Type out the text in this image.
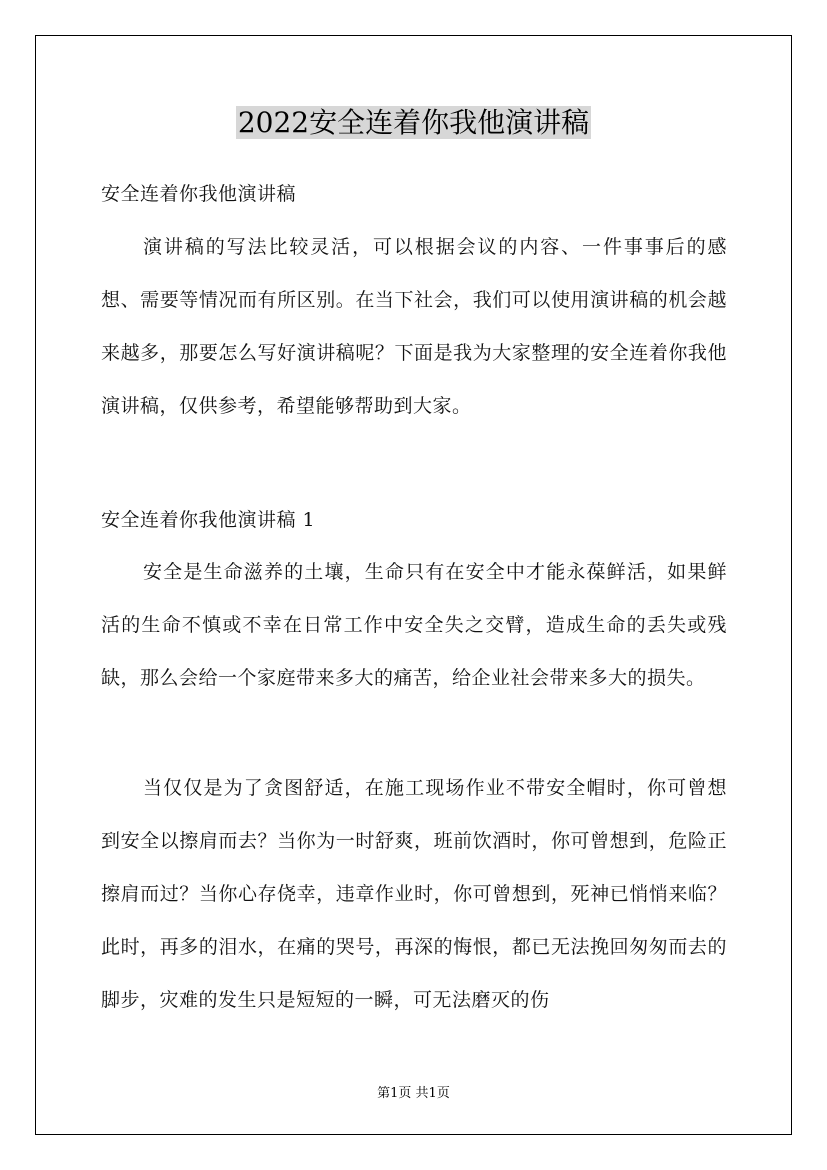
2022安全连着你我他演讲稿
安全连着你我他演讲稿
演讲稿的写法比较灵活，可以根据会议的内容、一件事事后的感想、需要等情况而有所区别。在当下社会，我们可以使用演讲稿的机会越来越多，那要怎么写好演讲稿呢？下面是我为大家整理的安全连着你我他演讲稿，仅供参考，希望能够帮助到大家。
安全连着你我他演讲稿 1
安全是生命滋养的土壤，生命只有在安全中才能永葆鲜活，如果鲜活的生命不慎或不幸在日常工作中安全失之交臂，造成生命的丢失或残缺，那么会给一个家庭带来多大的痛苦，给企业社会带来多大的损失。
当仅仅是为了贪图舒适，在施工现场作业不带安全帽时，你可曾想到安全以擦肩而去？当你为一时舒爽，班前饮酒时，你可曾想到，危险正擦肩而过？当你心存侥幸，违章作业时，你可曾想到，死神已悄悄来临？此时，再多的泪水，在痛的哭号，再深的悔恨，都已无法挽回匆匆而去的脚步，灾难的发生只是短短的一瞬，可无法磨灭的伤
第1页 共1页
